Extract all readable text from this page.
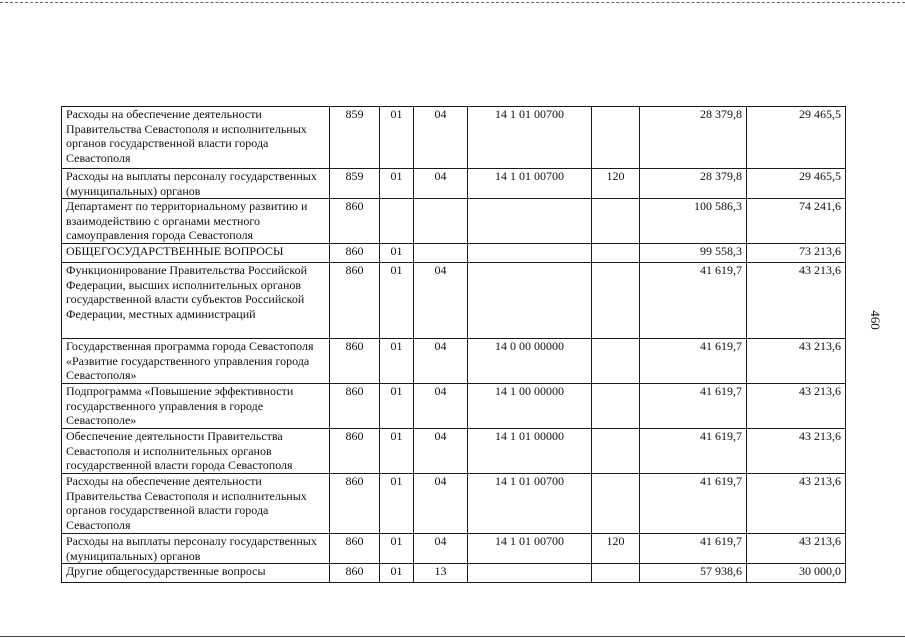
460
Расходы на обеспечение деятельности Правительства Севастополя и исполнительных органов государственной власти города Севастополя	859	01	04	14 1 01 00700		28 379,8	29 465,5
Расходы на выплаты персоналу государственных (муниципальных) органов	859	01	04	14 1 01 00700	120	28 379,8	29 465,5
Департамент по территориальному развитию и взаимодействию с органами местного самоуправления города Севастополя	860					100 586,3	74 241,6
ОБЩЕГОСУДАРСТВЕННЫЕ ВОПРОСЫ	860	01				99 558,3	73 213,6
Функционирование Правительства Российской Федерации, высших исполнительных органов государственной власти субъектов Российской Федерации, местных администраций	860	01	04			41 619,7	43 213,6
Государственная программа города Севастополя «Развитие государственного управления города Севастополя»	860	01	04	14 0 00 00000		41 619,7	43 213,6
Подпрограмма «Повышение эффективности государственного управления в городе Севастополе»	860	01	04	14 1 00 00000		41 619,7	43 213,6
Обеспечение деятельности Правительства Севастополя и исполнительных органов государственной власти города Севастополя	860	01	04	14 1 01 00000		41 619,7	43 213,6
Расходы на обеспечение деятельности Правительства Севастополя и исполнительных органов государственной власти города Севастополя	860	01	04	14 1 01 00700		41 619,7	43 213,6
Расходы на выплаты персоналу государственных (муниципальных) органов	860	01	04	14 1 01 00700	120	41 619,7	43 213,6
Другие общегосударственные вопросы	860	01	13			57 938,6	30 000,0
